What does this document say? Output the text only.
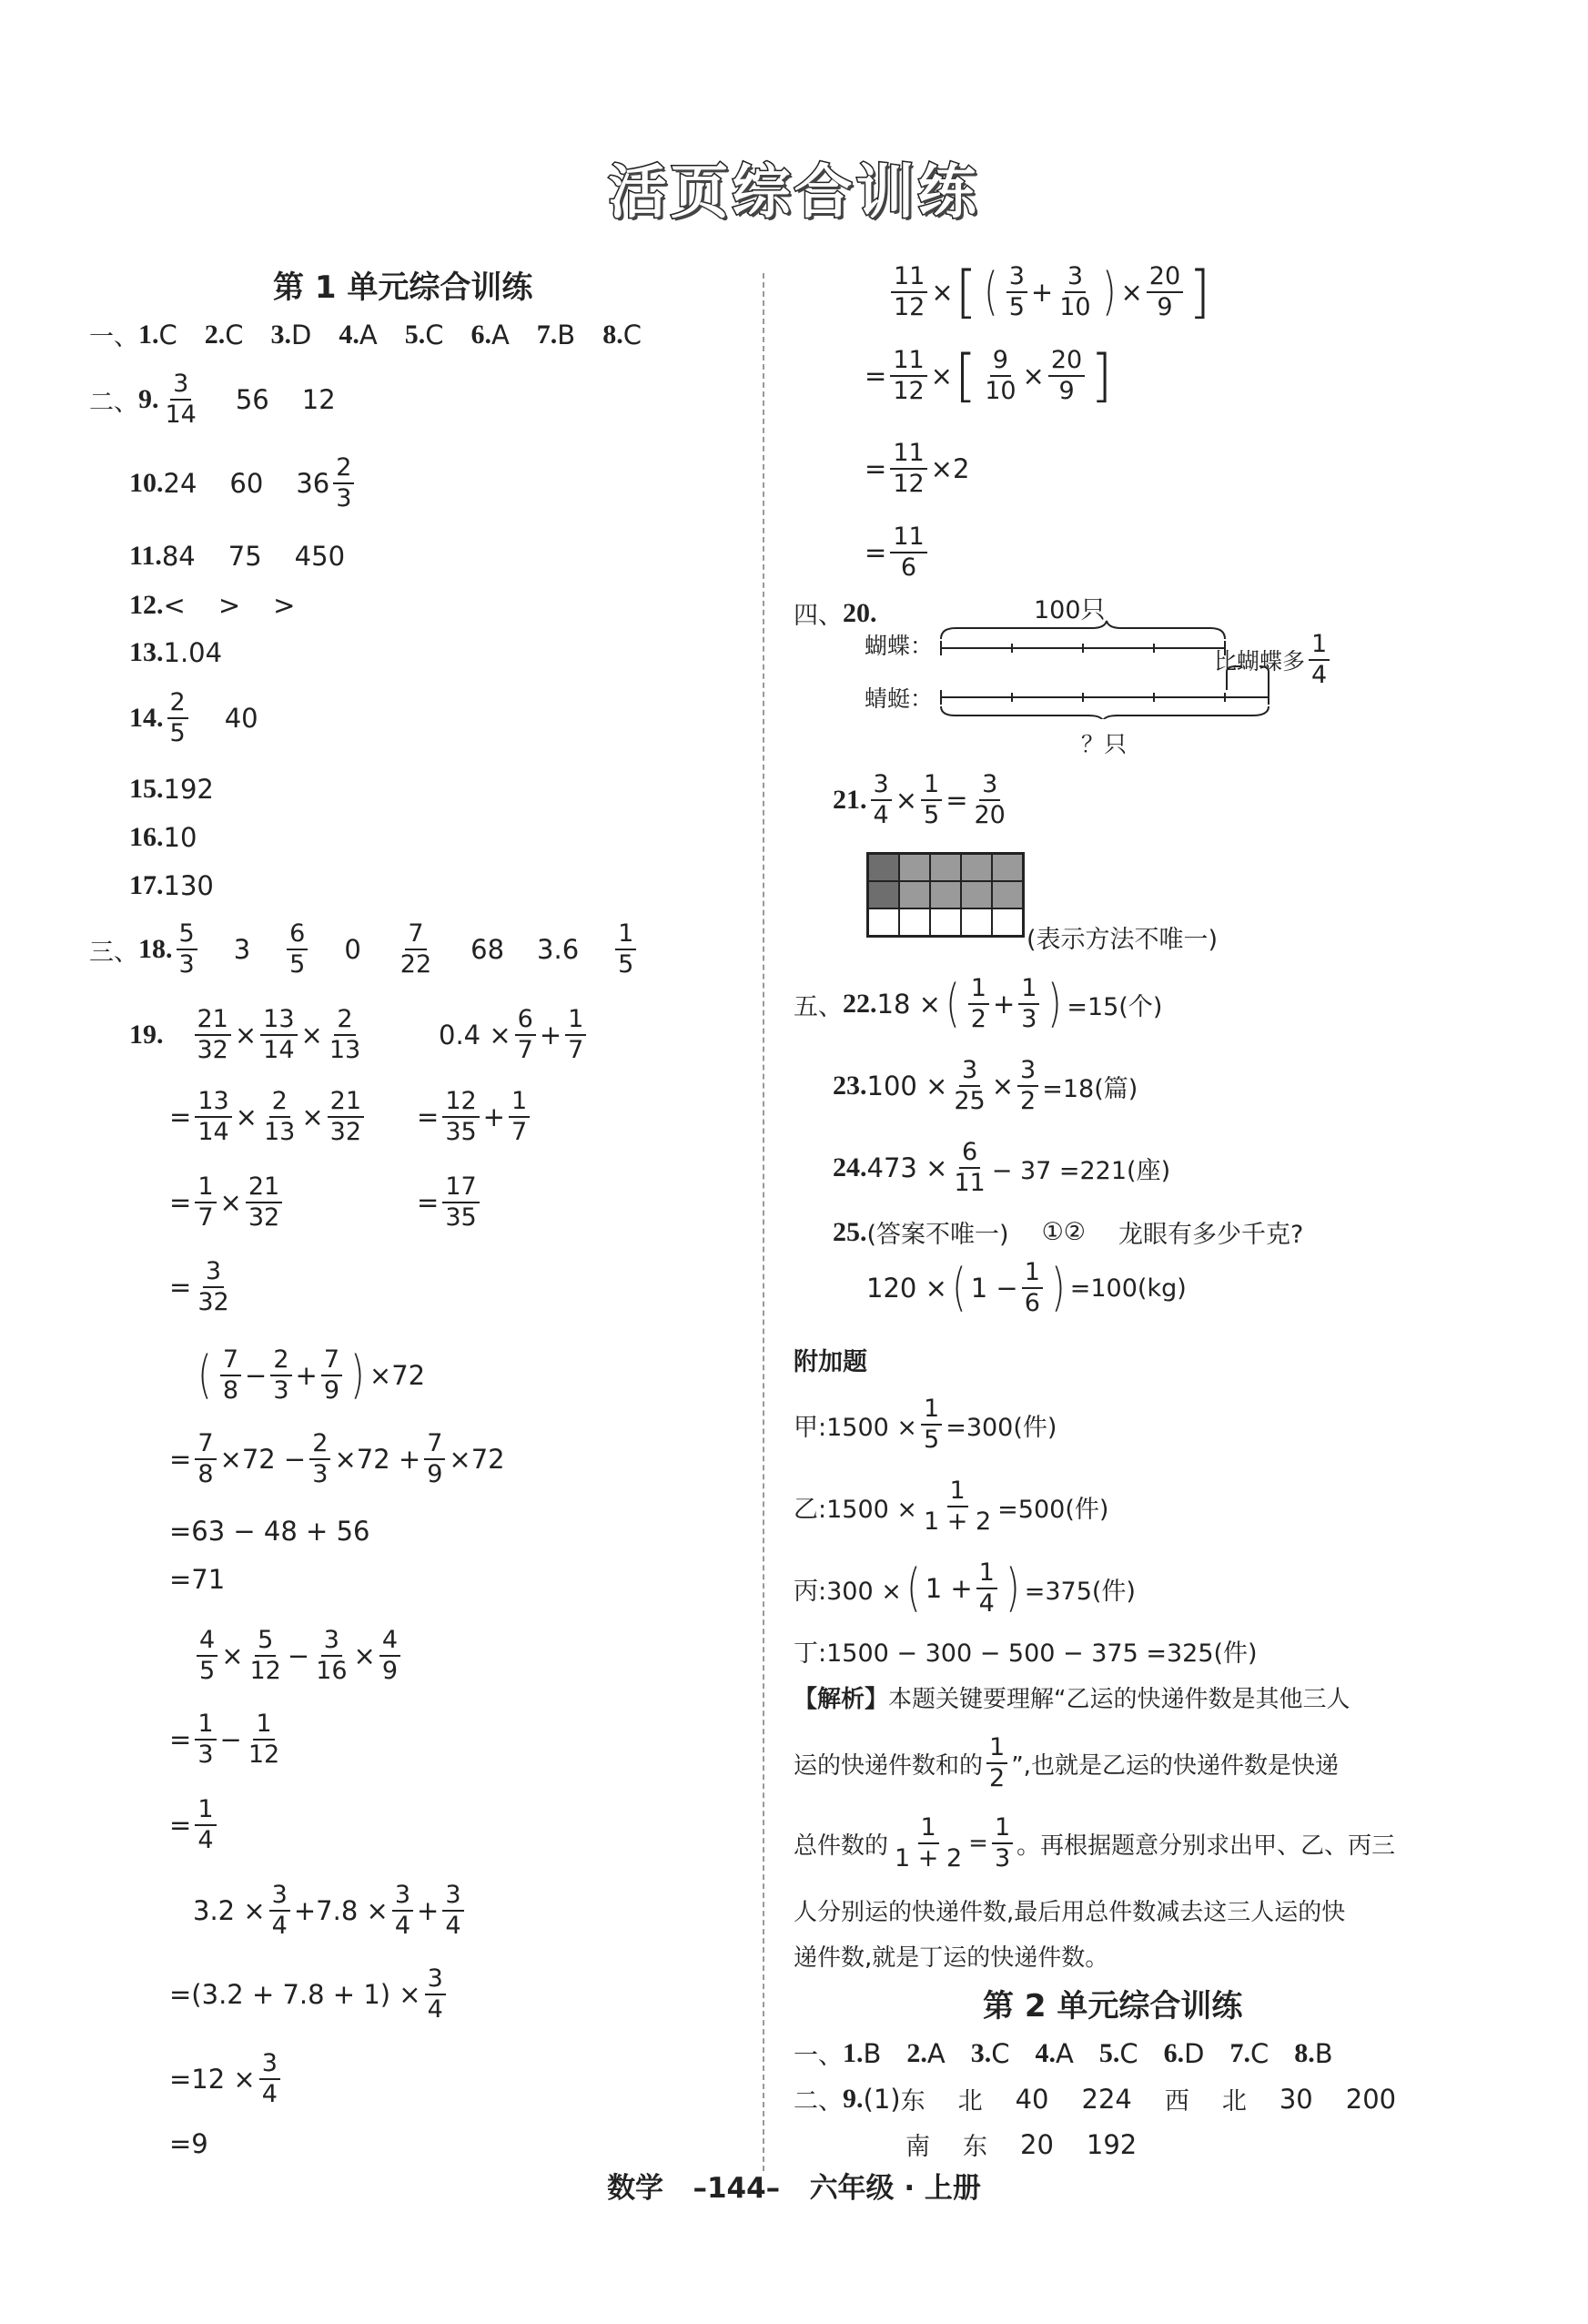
活页综合训练
第 1 单元综合训练
一、 1. C 2. C 3. D 4. A 5. C 6. A 7. B 8. C
二、 9. $\frac{3}{14} 56$ 12
10. 24 60 $36 \frac{2}{3}$
11. 84 75 450
12. < > >
13. 1.04
14. $\frac{2}{5} 40$
15. 192
16. 10
17. 130
三、 18. $\frac{5}{3} 3 \frac{6}{5} 0 \frac{7}{22} 68$ $3.6 \frac{1}{5}$
19. $\frac{21}{32} \times \frac{13}{14} \times \frac{2}{13}$
= $\frac{13}{14} \times \frac{2}{13} \times \frac{21}{32}$
= $\frac{1}{7} \times \frac{21}{32}$
= $\frac{3}{32}$
$0.4 \times \frac{6}{7} + \frac{1}{7}$
= $\frac{12}{35} + \frac{1}{7}$
= $\frac{17}{35}$
( $\frac{7}{8} - \frac{2}{3} + \frac{7}{9}$ ) × 72
= $\frac{7}{8} \times 72 - \frac{2}{3} \times 72 + \frac{7}{9} \times 72$
=63 − 48 + 56
=71
$\frac{4}{5} \times \frac{5}{12} - \frac{3}{16} \times \frac{4}{9}$
= $\frac{1}{3} - \frac{1}{12}$
= $\frac{1}{4}$
$3.2 \times \frac{3}{4} + 7.8 \times \frac{3}{4} + \frac{3}{4}$
$=(3.2 + 7.8 + 1) \times \frac{3}{4}$
$=12 \times \frac{3}{4}$
=9
$\frac{11}{12}$ × [ ( $\frac{3}{5} + \frac{3}{10}$ ) × $\frac{20}{9}$ ]
= $\frac{11}{12}$ × [ $\frac{9}{10} \times \frac{20}{9}$ ]
= $\frac{11}{12} \times 2$
= $\frac{11}{6}$
四、 20.	100只
蝴蝶：
蜻蜓：
比蝴蝶多 $\frac{1}{4}$
？只
21. $\frac{3}{4} \times \frac{1}{5} = \frac{3}{20}$
(表示方法不唯一)
五、 22. 18 × ( $\frac{1}{2} + \frac{1}{3}$ ) =15(个)
23. $100 \times \frac{3}{25} \times \frac{3}{2} =18$(篇)
24. $473 \times \frac{6}{11} - 37 =221$(座)
25. (答案不唯一) ①② 龙眼有多少千克?
120 × ( $1 - \frac{1}{6}$ ) =100(kg)
附加题
甲:1500 × $\frac{1}{5} =300$(件)
乙:1500 × $\frac{1}{1 + 2} =500$(件)
丙:300 × ( $1 + \frac{1}{4}$ ) =375(件)
丁:1500 − 300 − 500 − 375 =325(件)
【解析】 本题关键要理解“乙运的快递件数是其他三人
运的快递件数和的 $\frac{1}{2}$ ”,也就是乙运的快递件数是快递
总件数的 $\frac{1}{1 + 2} = \frac{1}{3}$ 。再根据题意分别求出甲、乙、丙三
人分别运的快递件数,最后用总件数减去这三人运的快
递件数,就是丁运的快递件数。
第 2 单元综合训练
一、 1. B 2. A 3. C 4. A 5. C 6. D 7. C 8. B
二、 9. (1) 东 北 40 224 西 北 30 200
南 东 20 192
数学 –144– 六年级 · 上册
